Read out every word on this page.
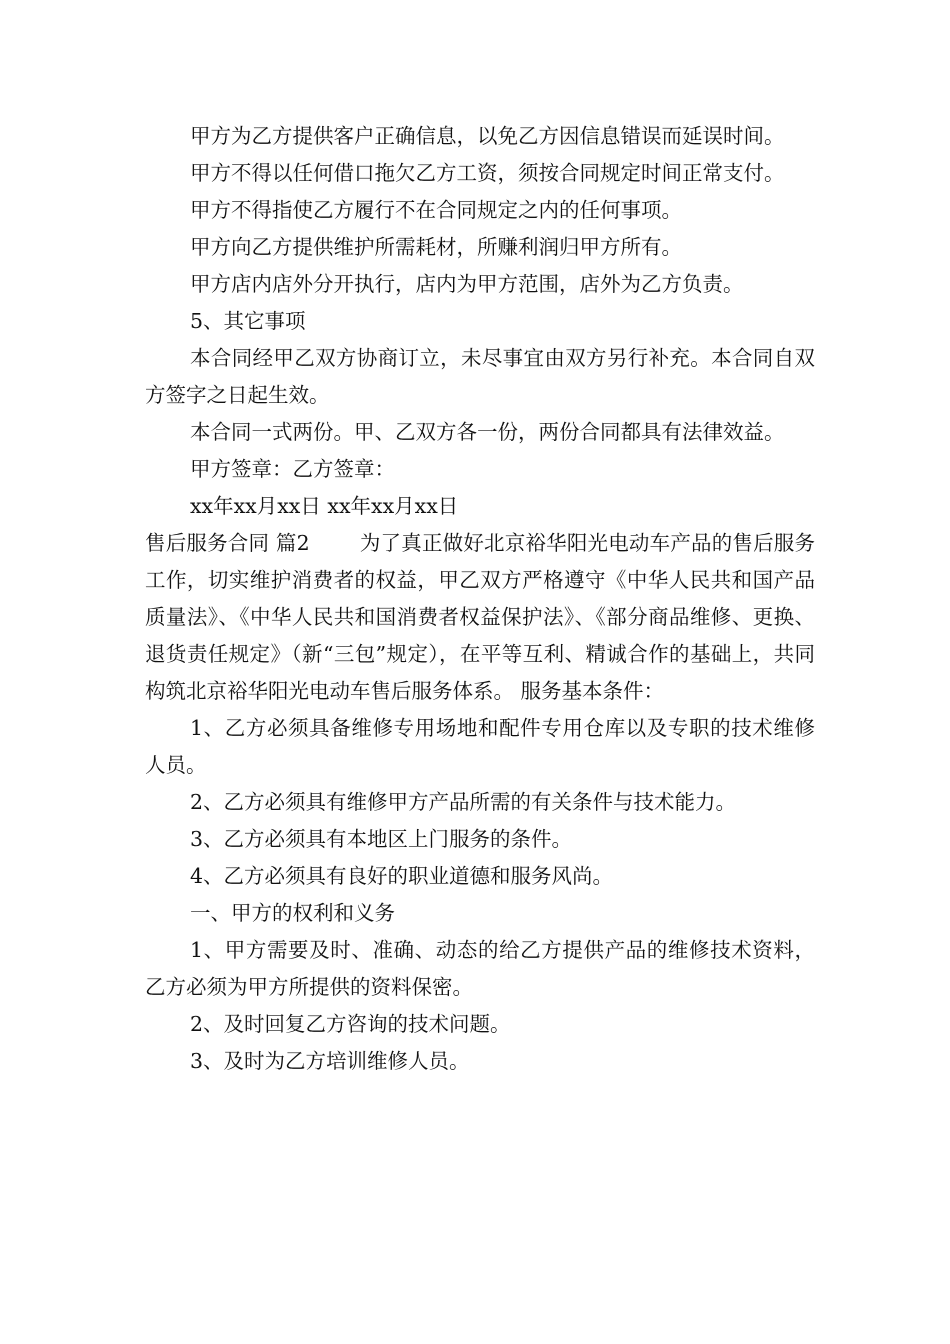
甲方为乙方提供客户正确信息，以免乙方因信息错误而延误时间。

甲方不得以任何借口拖欠乙方工资，须按合同规定时间正常支付。

甲方不得指使乙方履行不在合同规定之内的任何事项。

甲方向乙方提供维护所需耗材，所赚利润归甲方所有。

甲方店内店外分开执行，店内为甲方范围，店外为乙方负责。

5、其它事项

本合同经甲乙双方协商订立，未尽事宜由双方另行补充。本合同自双方签字之日起生效。

本合同一式两份。甲、乙双方各一份，两份合同都具有法律效益。

甲方签章：乙方签章：

xx年xx月xx日 xx年xx月xx日

售后服务合同 篇2 为了真正做好北京裕华阳光电动车产品的售后服务工作，切实维护消费者的权益，甲乙双方严格遵守《中华人民共和国产品质量法》、《中华人民共和国消费者权益保护法》、《部分商品维修、更换、退货责任规定》（新“三包”规定），在平等互利、精诚合作的基础上，共同构筑北京裕华阳光电动车售后服务体系。 服务基本条件：

1、乙方必须具备维修专用场地和配件专用仓库以及专职的技术维修人员。

2、乙方必须具有维修甲方产品所需的有关条件与技术能力。

3、乙方必须具有本地区上门服务的条件。

4、乙方必须具有良好的职业道德和服务风尚。

一、甲方的权利和义务

1、甲方需要及时、准确、动态的给乙方提供产品的维修技术资料，乙方必须为甲方所提供的资料保密。

2、及时回复乙方咨询的技术问题。

3、及时为乙方培训维修人员。
